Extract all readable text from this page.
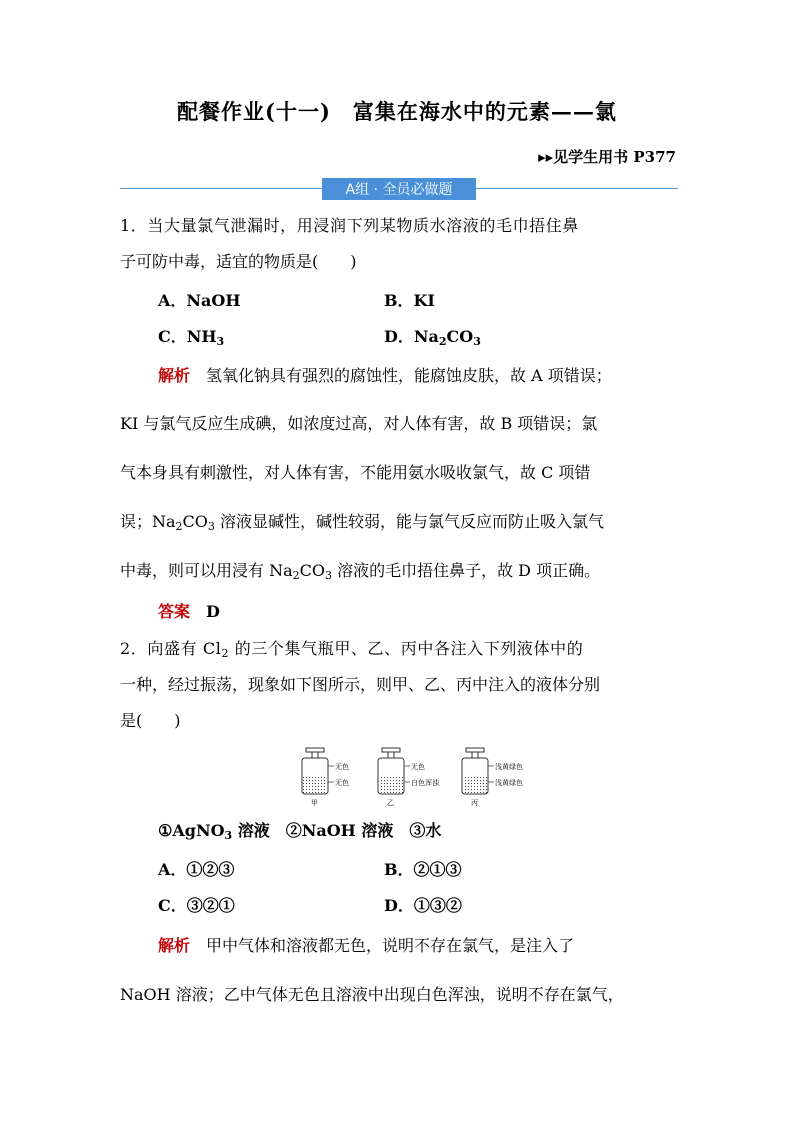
配餐作业(十一)　富集在海水中的元素——氯
▸▸见学生用书 P377
A组 · 全员必做题
1．当大量氯气泄漏时，用浸润下列某物质水溶液的毛巾捂住鼻
子可防中毒，适宜的物质是(　　)
A．NaOH	B．KI
C．$NH_3$	D．$Na_2CO_3$
解析　 氢氧化钠具有强烈的腐蚀性，能腐蚀皮肤，故 A 项错误；
KI 与氯气反应生成碘，如浓度过高，对人体有害，故 B 项错误；氯
气本身具有刺激性，对人体有害，不能用氨水吸收氯气，故 C 项错
误；$Na_2CO_3$ 溶液显碱性，碱性较弱，能与氯气反应而防止吸入氯气
中毒，则可以用浸有 $Na_2CO_3$ 溶液的毛巾捂住鼻子，故 D 项正确。
答案　 D
2．向盛有 $Cl_2$ 的三个集气瓶甲、乙、丙中各注入下列液体中的
一种，经过振荡，现象如下图所示，则甲、乙、丙中注入的液体分别
是(　　)
无色
无色
甲
无色
白色浑浊
乙
浅黄绿色
浅黄绿色
丙
①AgNO$_3$ 溶液　②NaOH 溶液　③水
A．①②③	B．②①③
C．③②①	D．①③②
解析　 甲中气体和溶液都无色，说明不存在氯气，是注入了
NaOH 溶液；乙中气体无色且溶液中出现白色浑浊，说明不存在氯气，
